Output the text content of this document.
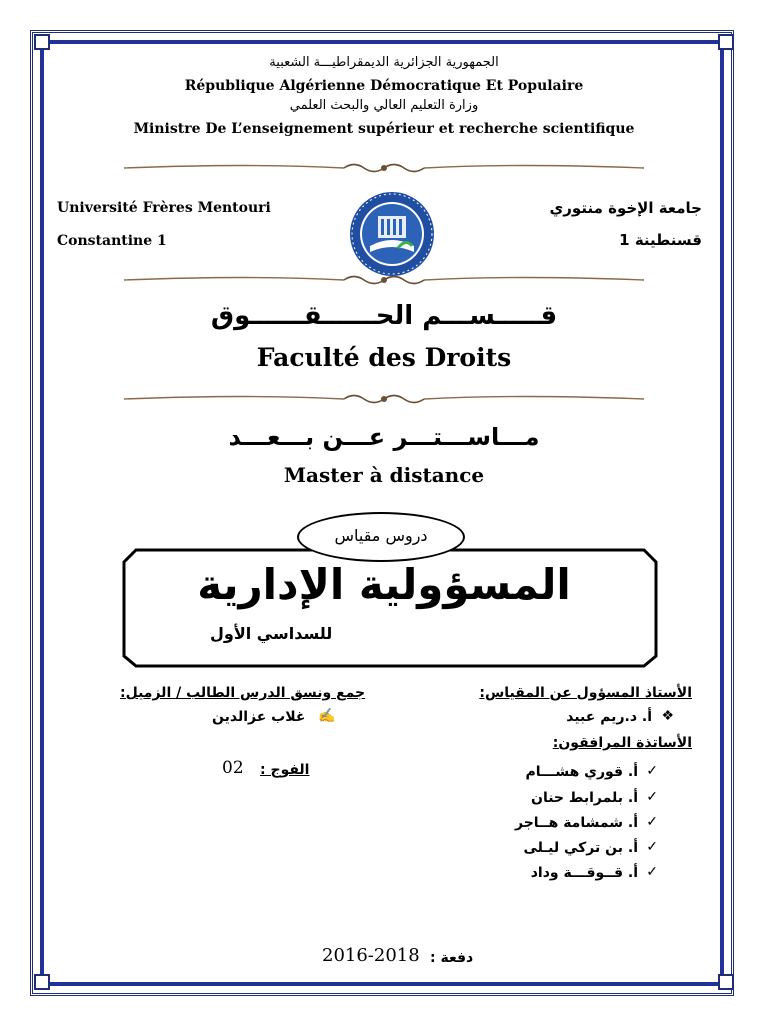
الجمهورية الجزائرية الديمقراطيـــة الشعبية
République Algérienne Démocratique Et Populaire
وزارة التعليم العالي والبحث العلمي
Ministre De L’enseignement supérieur et recherche scientifique
Université Frères Mentouri
Constantine 1
جامعة الإخوة منتوري
قسنطينة 1
قـــــســـم الحــــــقــــــوق
Faculté des Droits
مـــاســـتـــر عـــن بـــعـــد
Master à distance
دروس مقياس
المسؤولية الإدارية
للسداسي الأول
جمع ونسق الدرس الطالب / الزميل:
✍
غلاب عزالدين
الفوج :
02
الأستاذ المسؤول عن المقياس:
❖
أ. د.ريم عبيد
الأساتذة المرافقون:
✓
أ. قوري هشـــام
✓
أ. بلمرابط حنان
✓
أ. شمشامة هــاجر
✓
أ. بن تركي ليـلى
✓
أ. قــوقـــة وداد
دفعة :
2016-2018
